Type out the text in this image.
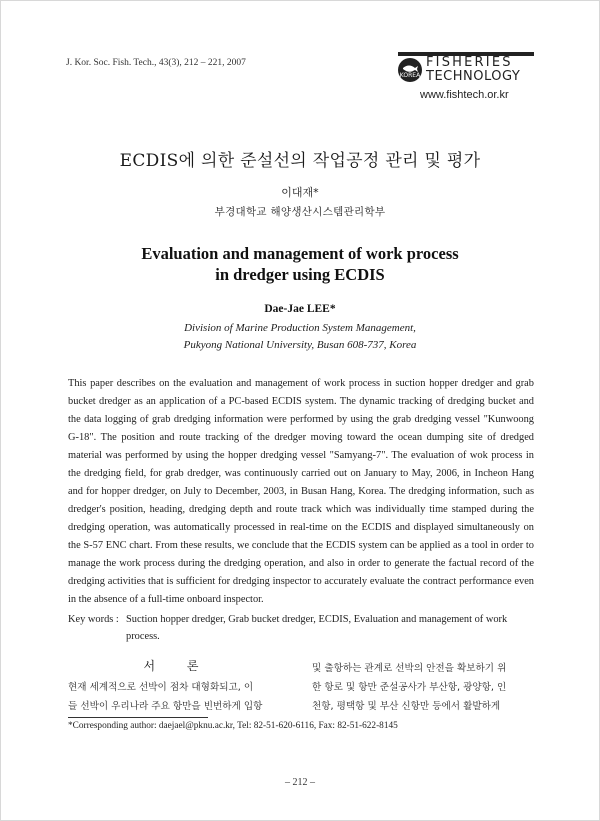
J. Kor. Soc. Fish. Tech., 43(3), 212 – 221, 2007
KOREA
FISHERIES
TECHNOLOGY
www.fishtech.or.kr
ECDIS에 의한 준설선의 작업공정 관리 및 평가
이대재*
부경대학교 해양생산시스템관리학부
Evaluation and management of work process
in dredger using ECDIS
Dae-Jae LEE*
Division of Marine Production System Management,
Pukyong National University, Busan 608-737, Korea
This paper describes on the evaluation and management of work process in suction hopper dredger and grab bucket dredger as an application of a PC-based ECDIS system. The dynamic tracking of dredging bucket and the data logging of grab dredging information were performed by using the grab dredging vessel "Kunwoong G-18". The position and route tracking of the dredger moving toward the ocean dumping site of dredged material was performed by using the hopper dredging vessel "Samyang-7". The evaluation of wok process in the dredging field, for grab dredger, was continuously carried out on January to May, 2006, in Incheon Hang and for hopper dredger, on July to December, 2003, in Busan Hang, Korea. The dredging information, such as dredger's position, heading, dredging depth and route track which was individually time stamped during the dredging operation, was automatically processed in real-time on the ECDIS and displayed simultaneously on the S-57 ENC chart. From these results, we conclude that the ECDIS system can be applied as a tool in order to manage the work process during the dredging operation, and also in order to generate the factual record of the dredging activities that is sufficient for dredging inspector to accurately evaluate the contract performance even in the absence of a full-time onboard inspector.
Key words : Suction hopper dredger, Grab bucket dredger, ECDIS, Evaluation and management of work process.
서 론
현재 세계적으로 선박이 점차 대형화되고, 이
들 선박이 우리나라 주요 항만을 빈번하게 입항
및 출항하는 관계로 선박의 안전을 확보하기 위
한 항로 및 항만 준설공사가 부산항, 광양항, 인
천항, 평택항 및 부산 신항만 등에서 활발하게
*Corresponding author: daejael@pknu.ac.kr, Tel: 82-51-620-6116, Fax: 82-51-622-8145
– 212 –
